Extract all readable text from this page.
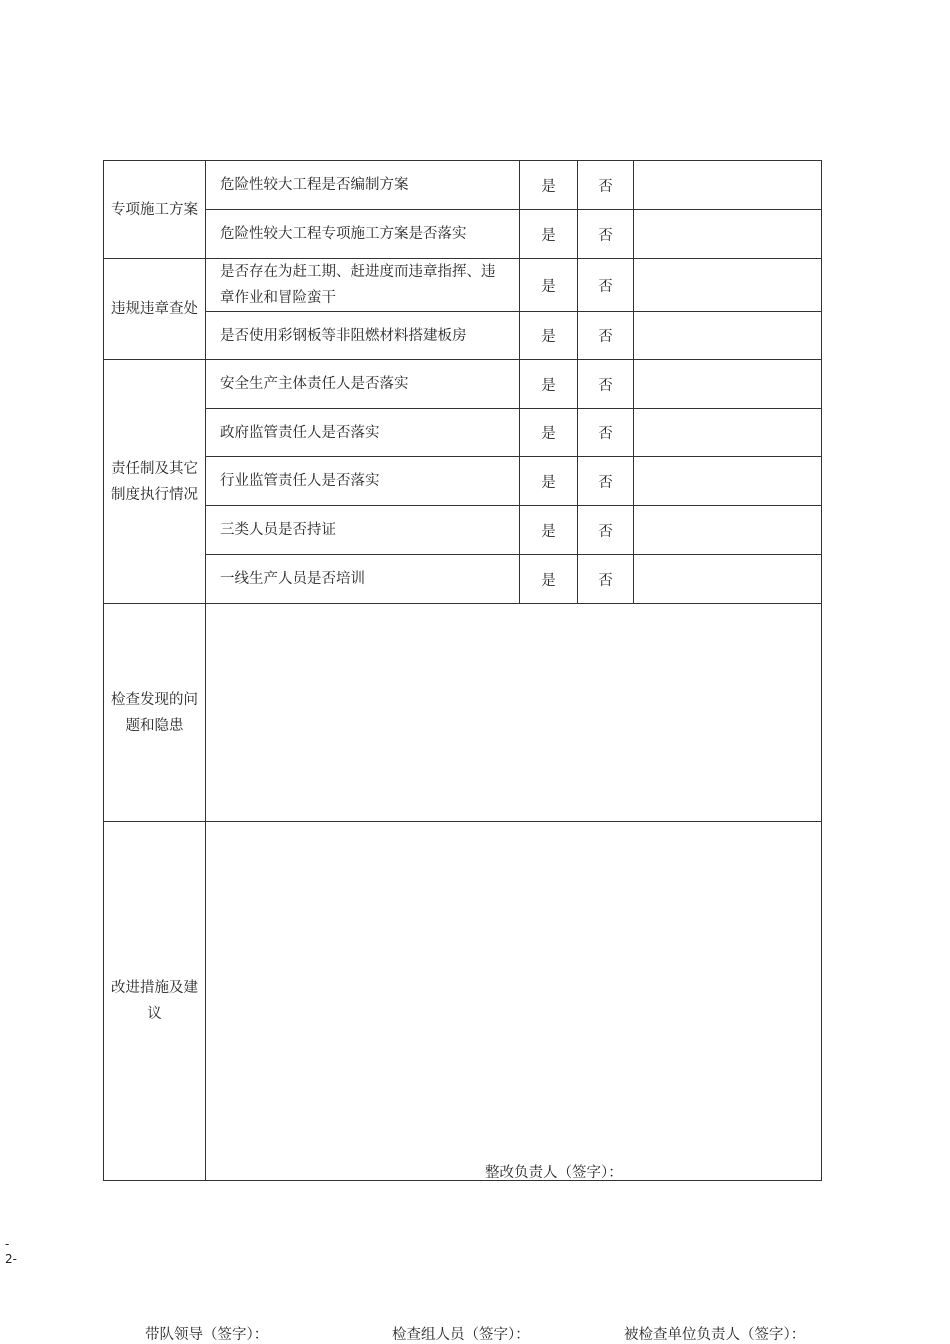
专项施工方案	危险性较大工程是否编制方案	是	否	
	危险性较大工程专项施工方案是否落实	是	否	
违规违章查处	是否存在为赶工期、赶进度而违章指挥、违章作业和冒险蛮干	是	否	
	是否使用彩钢板等非阻燃材料搭建板房	是	否	
责任制及其它制度执行情况	安全生产主体责任人是否落实	是	否	
	政府监管责任人是否落实	是	否	
	行业监管责任人是否落实	是	否	
	三类人员是否持证	是	否	
	一线生产人员是否培训	是	否	
检查发现的问题和隐患				
改进措施及建议				
整改负责人（签字）：
-
2-
带队领导（签字）：	检查组人员（签字）：	被检查单位负责人（签字）：
